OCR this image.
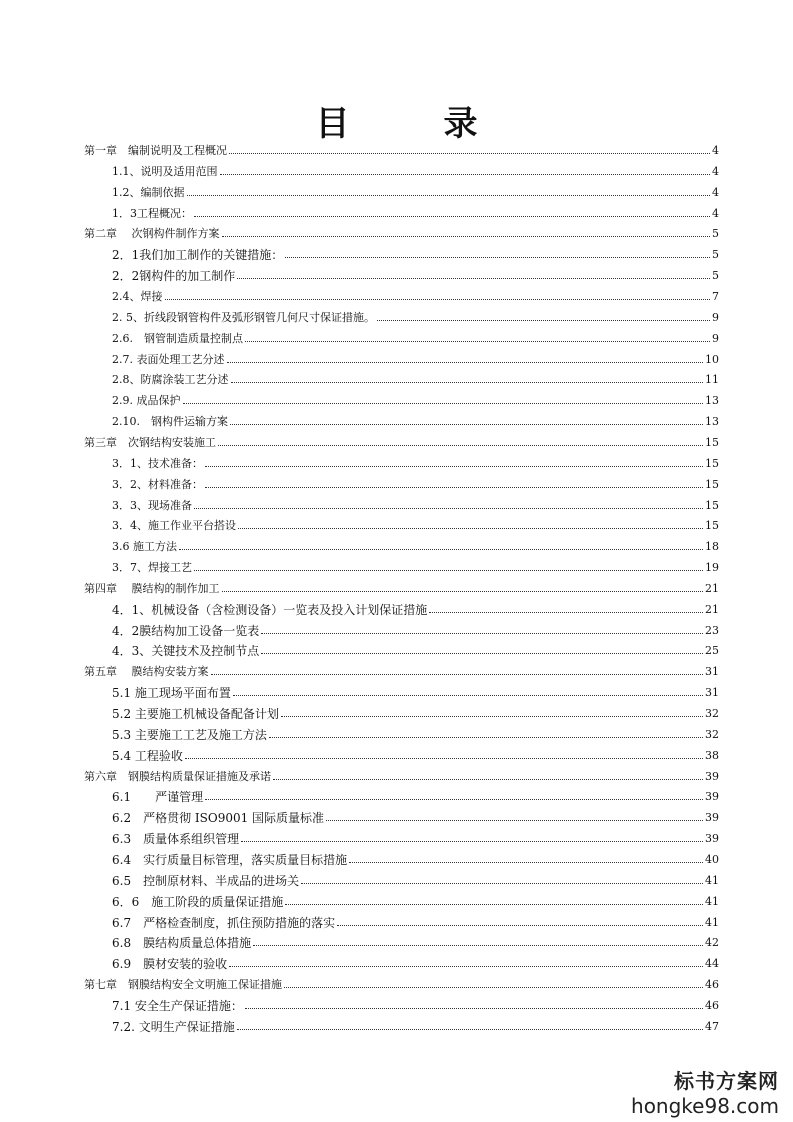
目	录
第一章　编制说明及工程概况	4
1.1、说明及适用范围	4
1.2、编制依据	4
1．3工程概况：	4
第二章　 次钢构件制作方案	5
2．1我们加工制作的关键措施：	5
2．2钢构件的加工制作	5
2.4、焊接	7
2. 5、折线段钢管构件及弧形钢管几何尺寸保证措施。	9
2.6.　钢管制造质量控制点	9
2.7. 表面处理工艺分述	10
2.8、防腐涂装工艺分述	11
2.9. 成品保护	13
2.10.　钢构件运输方案	13
第三章　次钢结构安装施工	15
3．1、技术准备：	15
3．2、材料准备：	15
3．3、现场准备	15
3．4、施工作业平台搭设	15
3.6 施工方法	18
3．7、焊接工艺	19
第四章　 膜结构的制作加工	21
4．1、机械设备（含检测设备）一览表及投入计划保证措施	21
4．2膜结构加工设备一览表	23
4．3、关键技术及控制节点	25
第五章　 膜结构安装方案	31
5.1 施工现场平面布置	31
5.2 主要施工机械设备配备计划	32
5.3 主要施工工艺及施工方法	32
5.4 工程验收	38
第六章　钢膜结构质量保证措施及承诺	39
6.1　　严谨管理	39
6.2　严格贯彻 ISO9001 国际质量标准	39
6.3　质量体系组织管理	39
6.4　实行质量目标管理，落实质量目标措施	40
6.5　控制原材料、半成品的进场关	41
6．6　施工阶段的质量保证措施	41
6.7　严格检查制度，抓住预防措施的落实	41
6.8　膜结构质量总体措施	42
6.9　膜材安装的验收	44
第七章　钢膜结构安全文明施工保证措施	46
7.1 安全生产保证措施：	46
7.2. 文明生产保证措施	47
标书方案网
hongke98.com
